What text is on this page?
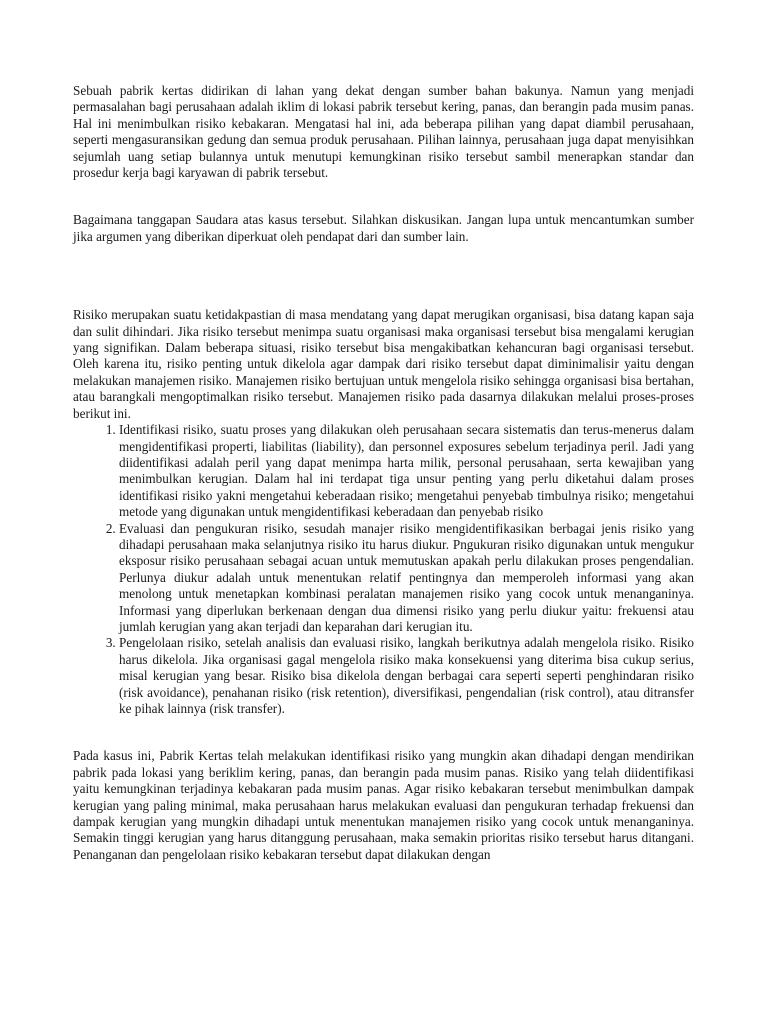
Sebuah pabrik kertas didirikan di lahan yang dekat dengan sumber bahan bakunya. Namun yang menjadi permasalahan bagi perusahaan adalah iklim di lokasi pabrik tersebut kering, panas, dan berangin pada musim panas. Hal ini menimbulkan risiko kebakaran. Mengatasi hal ini, ada beberapa pilihan yang dapat diambil perusahaan, seperti mengasuransikan gedung dan semua produk perusahaan. Pilihan lainnya, perusahaan juga dapat menyisihkan sejumlah uang setiap bulannya untuk menutupi kemungkinan risiko tersebut sambil menerapkan standar dan prosedur kerja bagi karyawan di pabrik tersebut.

Bagaimana tanggapan Saudara atas kasus tersebut. Silahkan diskusikan. Jangan lupa untuk mencantumkan sumber jika argumen yang diberikan diperkuat oleh pendapat dari dan sumber lain.

Risiko merupakan suatu ketidakpastian di masa mendatang yang dapat merugikan organisasi, bisa datang kapan saja dan sulit dihindari. Jika risiko tersebut menimpa suatu organisasi maka organisasi tersebut bisa mengalami kerugian yang signifikan. Dalam beberapa situasi, risiko tersebut bisa mengakibatkan kehancuran bagi organisasi tersebut. Oleh karena itu, risiko penting untuk dikelola agar dampak dari risiko tersebut dapat diminimalisir yaitu dengan melakukan manajemen risiko. Manajemen risiko bertujuan untuk mengelola risiko sehingga organisasi bisa bertahan, atau barangkali mengoptimalkan risiko tersebut. Manajemen risiko pada dasarnya dilakukan melalui proses-proses berikut ini.

1. Identifikasi risiko, suatu proses yang dilakukan oleh perusahaan secara sistematis dan terus-menerus dalam mengidentifikasi properti, liabilitas (liability), dan personnel exposures sebelum terjadinya peril. Jadi yang diidentifikasi adalah peril yang dapat menimpa harta milik, personal perusahaan, serta kewajiban yang menimbulkan kerugian. Dalam hal ini terdapat tiga unsur penting yang perlu diketahui dalam proses identifikasi risiko yakni mengetahui keberadaan risiko; mengetahui penyebab timbulnya risiko; mengetahui metode yang digunakan untuk mengidentifikasi keberadaan dan penyebab risiko
2. Evaluasi dan pengukuran risiko, sesudah manajer risiko mengidentifikasikan berbagai jenis risiko yang dihadapi perusahaan maka selanjutnya risiko itu harus diukur. Pngukuran risiko digunakan untuk mengukur eksposur risiko perusahaan sebagai acuan untuk memutuskan apakah perlu dilakukan proses pengendalian. Perlunya diukur adalah untuk menentukan relatif pentingnya dan memperoleh informasi yang akan menolong untuk menetapkan kombinasi peralatan manajemen risiko yang cocok untuk menanganinya. Informasi yang diperlukan berkenaan dengan dua dimensi risiko yang perlu diukur yaitu: frekuensi atau jumlah kerugian yang akan terjadi dan keparahan dari kerugian itu.
3. Pengelolaan risiko, setelah analisis dan evaluasi risiko, langkah berikutnya adalah mengelola risiko. Risiko harus dikelola. Jika organisasi gagal mengelola risiko maka konsekuensi yang diterima bisa cukup serius, misal kerugian yang besar. Risiko bisa dikelola dengan berbagai cara seperti seperti penghindaran risiko (risk avoidance), penahanan risiko (risk retention), diversifikasi, pengendalian (risk control), atau ditransfer ke pihak lainnya (risk transfer).

Pada kasus ini, Pabrik Kertas telah melakukan identifikasi risiko yang mungkin akan dihadapi dengan mendirikan pabrik pada lokasi yang beriklim kering, panas, dan berangin pada musim panas. Risiko yang telah diidentifikasi yaitu kemungkinan terjadinya kebakaran pada musim panas. Agar risiko kebakaran tersebut menimbulkan dampak kerugian yang paling minimal, maka perusahaan harus melakukan evaluasi dan pengukuran terhadap frekuensi dan dampak kerugian yang mungkin dihadapi untuk menentukan manajemen risiko yang cocok untuk menanganinya. Semakin tinggi kerugian yang harus ditanggung perusahaan, maka semakin prioritas risiko tersebut harus ditangani. Penanganan dan pengelolaan risiko kebakaran tersebut dapat dilakukan dengan
